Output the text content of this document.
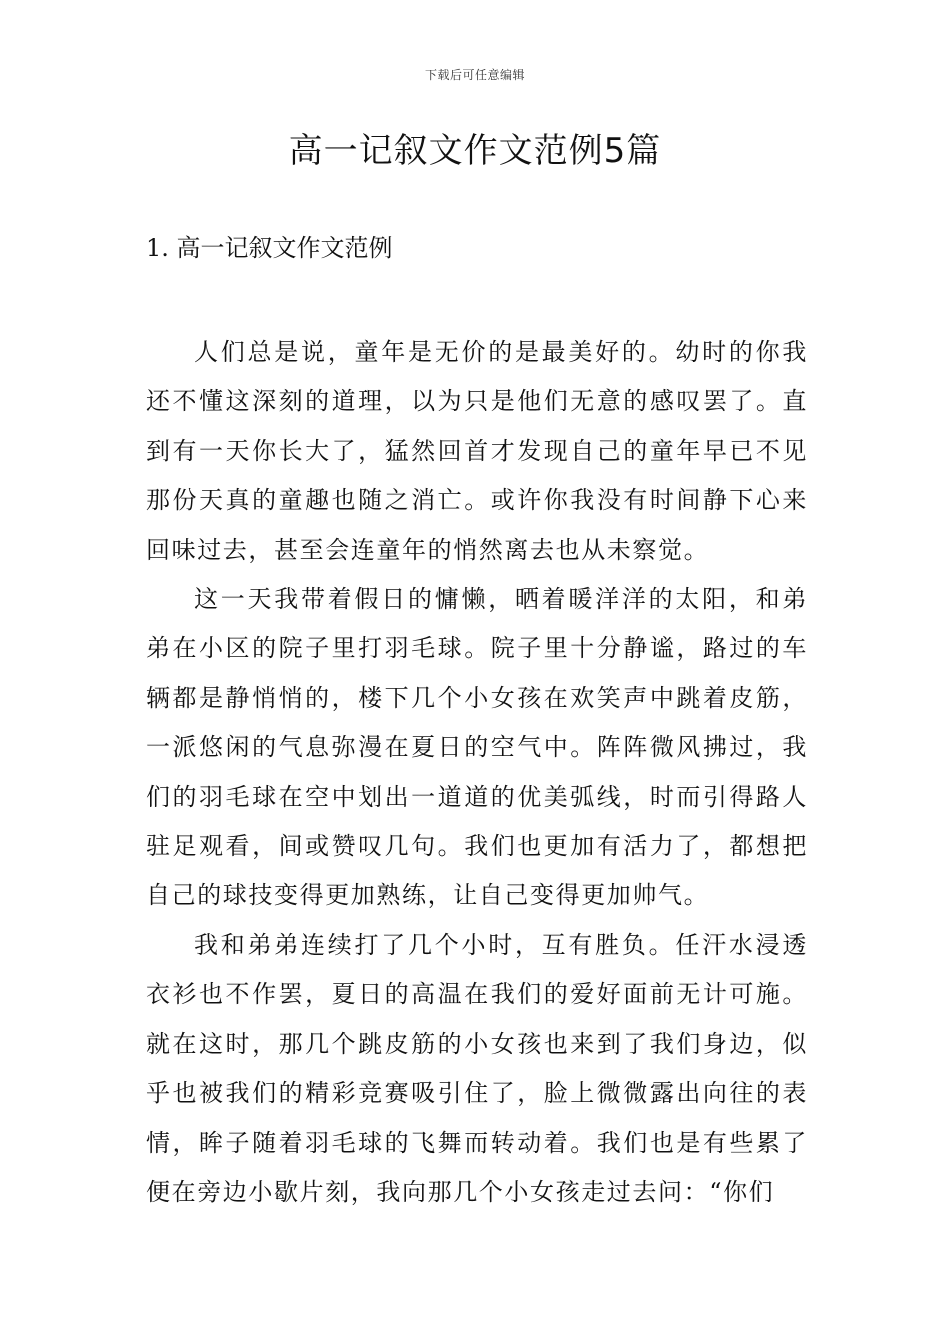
下载后可任意编辑
高一记叙文作文范例5篇
1. 高一记叙文作文范例

人们总是说，童年是无价的是最美好的。幼时的你我还不懂这深刻的道理，以为只是他们无意的感叹罢了。直到有一天你长大了，猛然回首才发现自己的童年早已不见那份天真的童趣也随之消亡。或许你我没有时间静下心来回味过去，甚至会连童年的悄然离去也从未察觉。

这一天我带着假日的慵懒，晒着暖洋洋的太阳，和弟弟在小区的院子里打羽毛球。院子里十分静谧，路过的车辆都是静悄悄的，楼下几个小女孩在欢笑声中跳着皮筋，一派悠闲的气息弥漫在夏日的空气中。阵阵微风拂过，我们的羽毛球在空中划出一道道的优美弧线，时而引得路人驻足观看，间或赞叹几句。我们也更加有活力了，都想把自己的球技变得更加熟练，让自己变得更加帅气。

我和弟弟连续打了几个小时，互有胜负。任汗水浸透衣衫也不作罢，夏日的高温在我们的爱好面前无计可施。就在这时，那几个跳皮筋的小女孩也来到了我们身边，似乎也被我们的精彩竞赛吸引住了，脸上微微露出向往的表情，眸子随着羽毛球的飞舞而转动着。我们也是有些累了便在旁边小歇片刻，我向那几个小女孩走过去问：“你们
